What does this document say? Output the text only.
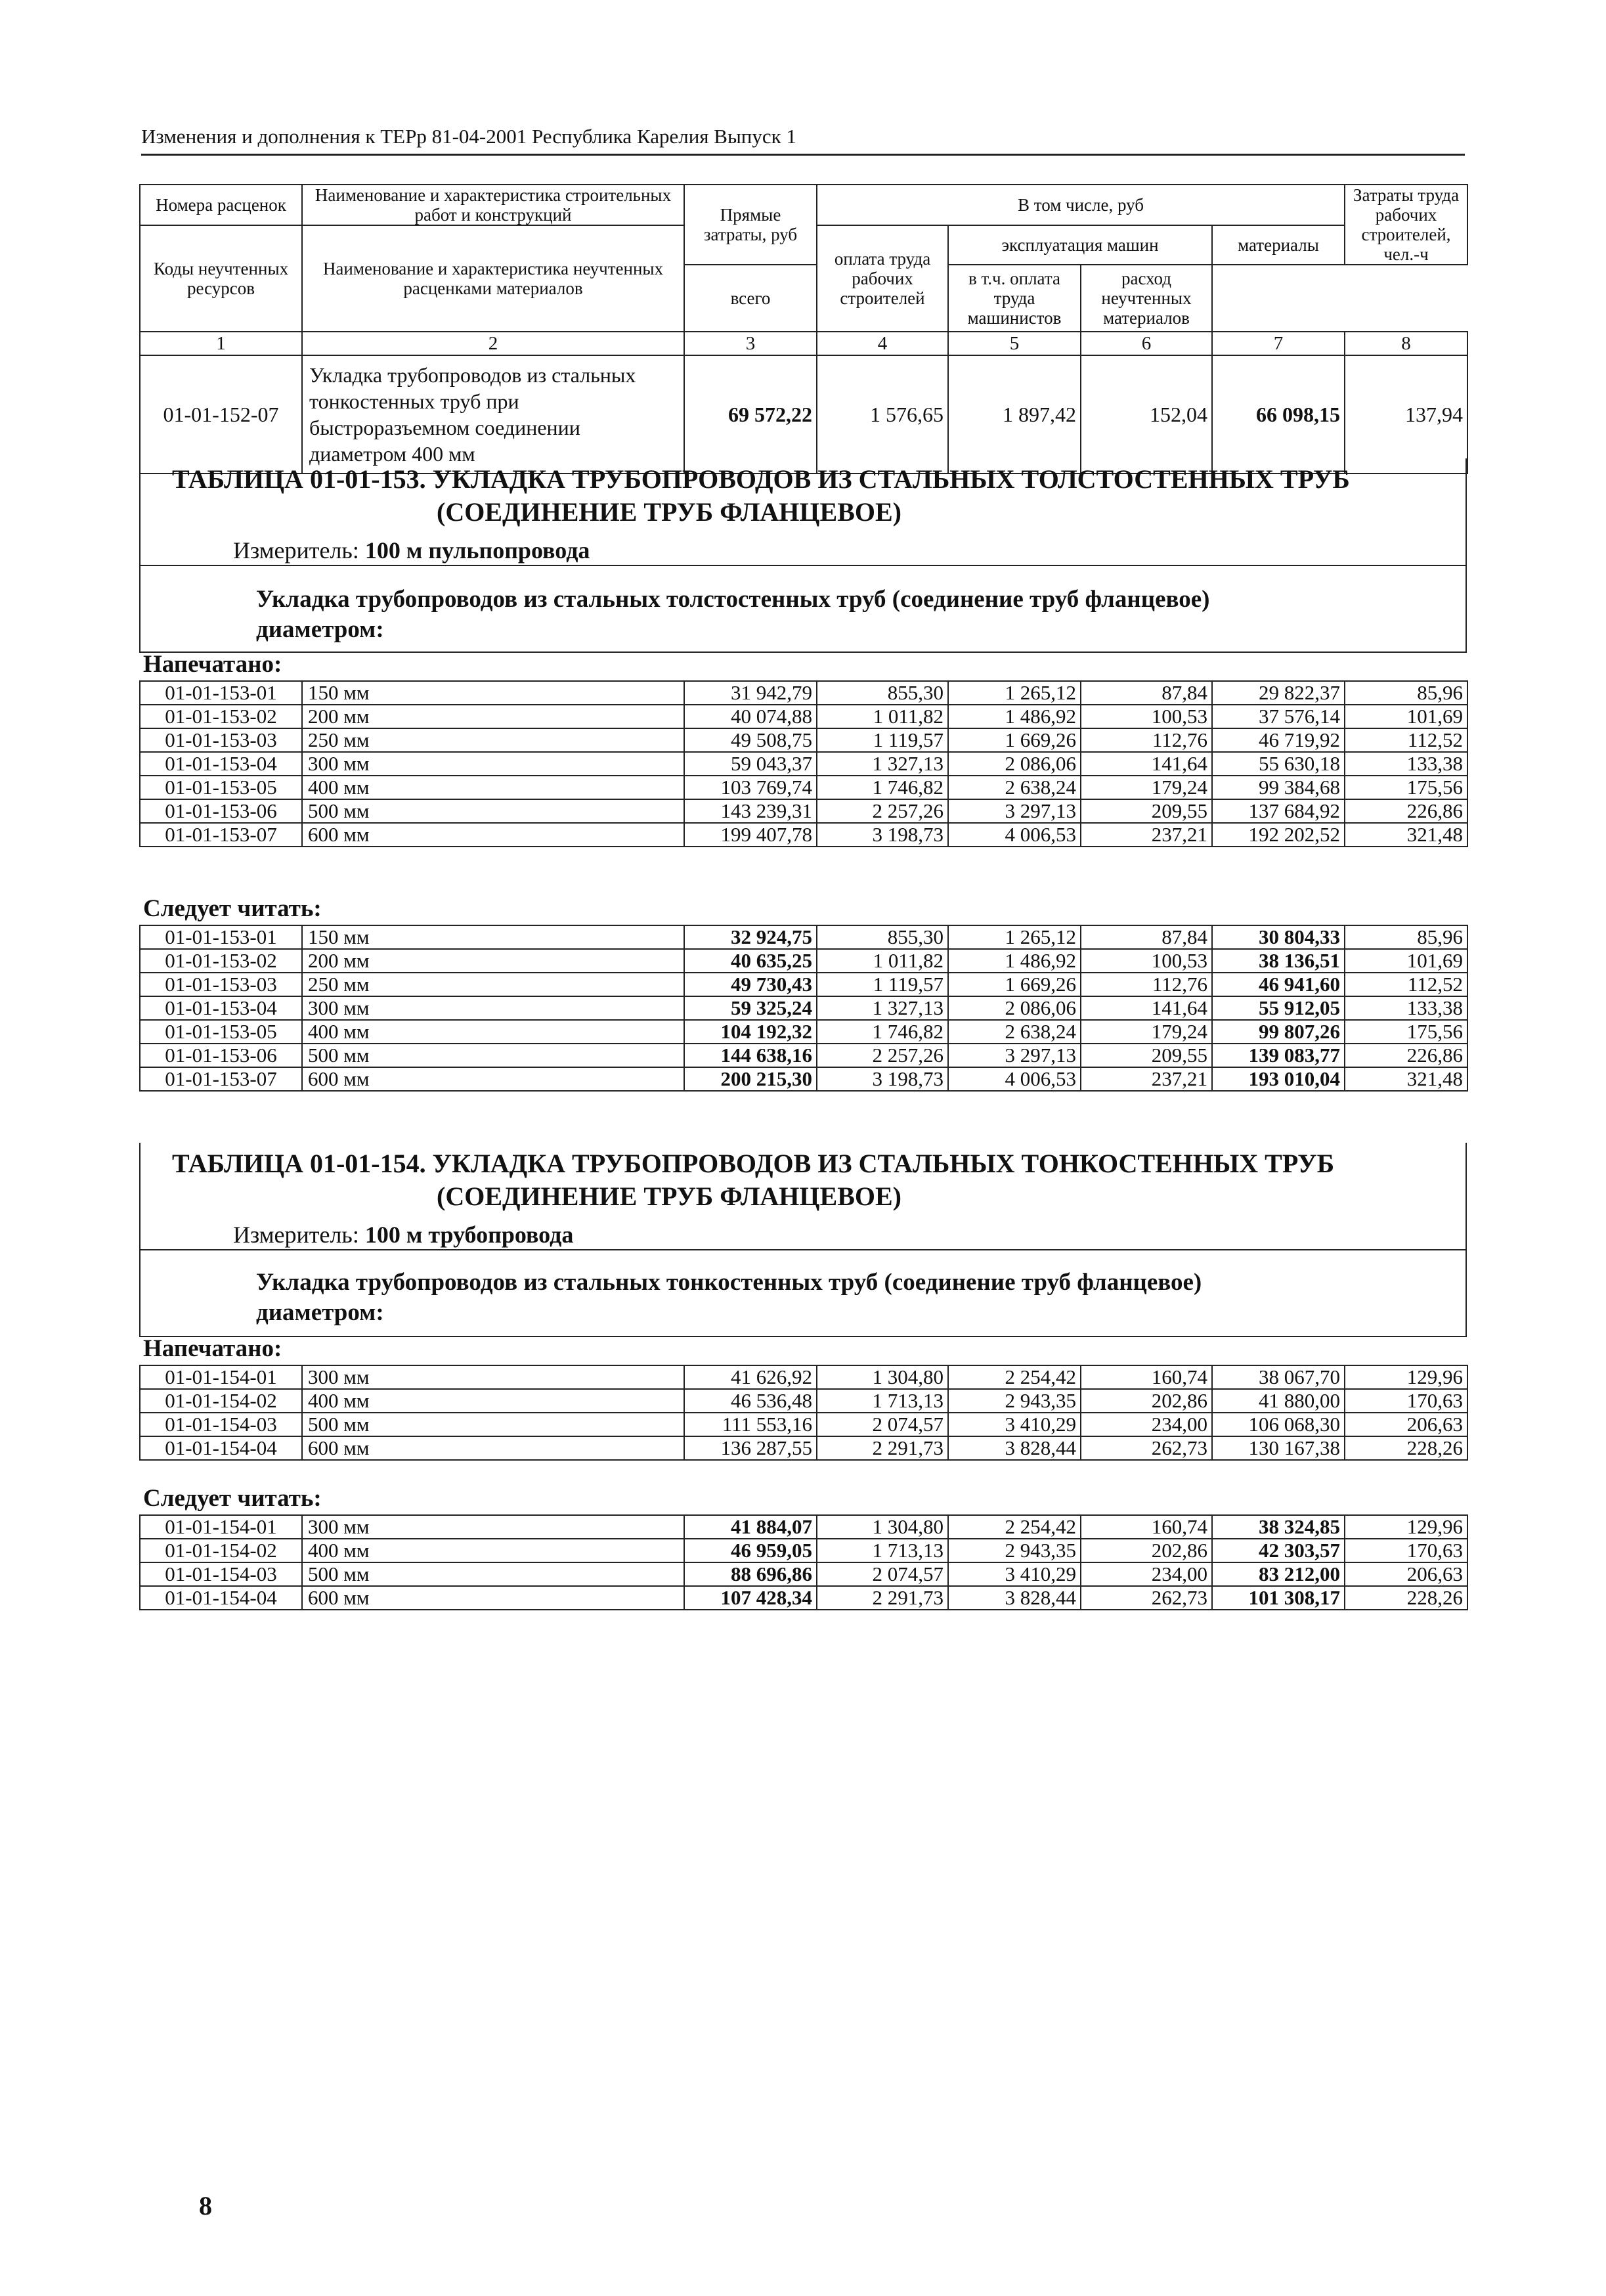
Изменения и дополнения к ТЕРр 81-04-2001 Республика Карелия Выпуск 1
Номера расценок	Наименование и характеристика строительных работ и конструкций	Прямые затраты, руб	В том числе, руб				Затраты труда рабочих строителей, чел.-ч
Коды неучтенных ресурсов	Наименование и характеристика неучтенных расценками материалов		оплата труда рабочих строителей	эксплуатация машин		материалы	
		всего		в т.ч. оплата труда машинистов	расход неучтенных материалов		
1	2	3	4	5	6	7	8
01-01-152-07	Укладка трубопроводов из стальных тонкостенных труб при быстроразъемном соединении диаметром 400 мм	69 572,22	1 576,65	1 897,42	152,04	66 098,15	137,94
ТАБЛИЦА 01-01-153. УКЛАДКА ТРУБОПРОВОДОВ ИЗ СТАЛЬНЫХ ТОЛСТОСТЕННЫХ ТРУБ
(СОЕДИНЕНИЕ ТРУБ ФЛАНЦЕВОЕ)
Измеритель: 100 м пульпопровода
Укладка трубопроводов из стальных толстостенных труб (соединение труб фланцевое)
диаметром:
Напечатано:
01-01-153-01	150 мм	31 942,79	855,30	1 265,12	87,84	29 822,37	85,96
01-01-153-02	200 мм	40 074,88	1 011,82	1 486,92	100,53	37 576,14	101,69
01-01-153-03	250 мм	49 508,75	1 119,57	1 669,26	112,76	46 719,92	112,52
01-01-153-04	300 мм	59 043,37	1 327,13	2 086,06	141,64	55 630,18	133,38
01-01-153-05	400 мм	103 769,74	1 746,82	2 638,24	179,24	99 384,68	175,56
01-01-153-06	500 мм	143 239,31	2 257,26	3 297,13	209,55	137 684,92	226,86
01-01-153-07	600 мм	199 407,78	3 198,73	4 006,53	237,21	192 202,52	321,48
Следует читать:
01-01-153-01	150 мм	32 924,75	855,30	1 265,12	87,84	30 804,33	85,96
01-01-153-02	200 мм	40 635,25	1 011,82	1 486,92	100,53	38 136,51	101,69
01-01-153-03	250 мм	49 730,43	1 119,57	1 669,26	112,76	46 941,60	112,52
01-01-153-04	300 мм	59 325,24	1 327,13	2 086,06	141,64	55 912,05	133,38
01-01-153-05	400 мм	104 192,32	1 746,82	2 638,24	179,24	99 807,26	175,56
01-01-153-06	500 мм	144 638,16	2 257,26	3 297,13	209,55	139 083,77	226,86
01-01-153-07	600 мм	200 215,30	3 198,73	4 006,53	237,21	193 010,04	321,48
ТАБЛИЦА 01-01-154. УКЛАДКА ТРУБОПРОВОДОВ ИЗ СТАЛЬНЫХ ТОНКОСТЕННЫХ ТРУБ
(СОЕДИНЕНИЕ ТРУБ ФЛАНЦЕВОЕ)
Измеритель: 100 м трубопровода
Укладка трубопроводов из стальных тонкостенных труб (соединение труб фланцевое)
диаметром:
Напечатано:
01-01-154-01	300 мм	41 626,92	1 304,80	2 254,42	160,74	38 067,70	129,96
01-01-154-02	400 мм	46 536,48	1 713,13	2 943,35	202,86	41 880,00	170,63
01-01-154-03	500 мм	111 553,16	2 074,57	3 410,29	234,00	106 068,30	206,63
01-01-154-04	600 мм	136 287,55	2 291,73	3 828,44	262,73	130 167,38	228,26
Следует читать:
01-01-154-01	300 мм	41 884,07	1 304,80	2 254,42	160,74	38 324,85	129,96
01-01-154-02	400 мм	46 959,05	1 713,13	2 943,35	202,86	42 303,57	170,63
01-01-154-03	500 мм	88 696,86	2 074,57	3 410,29	234,00	83 212,00	206,63
01-01-154-04	600 мм	107 428,34	2 291,73	3 828,44	262,73	101 308,17	228,26
8
